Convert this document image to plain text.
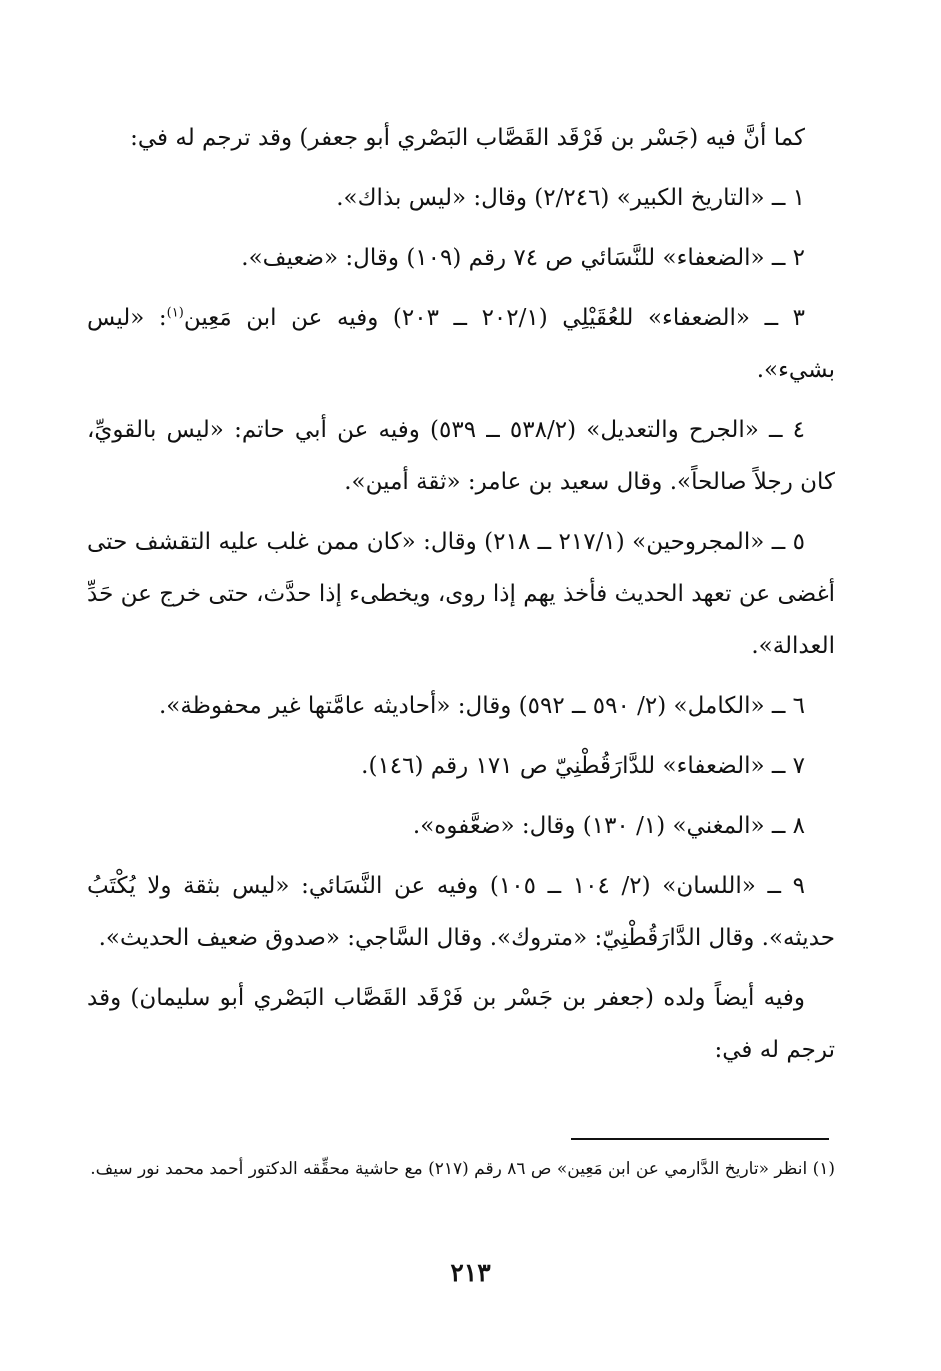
كما أنَّ فيه (جَسْر بن فَرْقَد القَصَّاب البَصْري أبو جعفر) وقد ترجم له في:

١ ــ «التاريخ الكبير» (٢/٢٤٦) وقال: «ليس بذاك».

٢ ــ «الضعفاء» للنَّسَائي ص ٧٤ رقم (١٠٩) وقال: «ضعيف».

٣ ــ «الضعفاء» للعُقَيْلِي (٢٠٢/١ ــ ٢٠٣) وفيه عن ابن مَعِين$^{(١)}$: «ليس بشيء».

٤ ــ «الجرح والتعديل» (٥٣٨/٢ ــ ٥٣٩) وفيه عن أبي حاتم: «ليس بالقويِّ، كان رجلاً صالحاً». وقال سعيد بن عامر: «ثقة أمين».

٥ ــ «المجروحين» (٢١٧/١ ــ ٢١٨) وقال: «كان ممن غلب عليه التقشف حتى أغضى عن تعهد الحديث فأخذ يهم إذا روى، ويخطىء إذا حدَّث، حتى خرج عن حَدِّ العدالة».

٦ ــ «الكامل» (٢/ ٥٩٠ ــ ٥٩٢) وقال: «أحاديثه عامَّتها غير محفوظة».

٧ ــ «الضعفاء» للدَّارَقُطْنِيّ ص ١٧١ رقم (١٤٦).

٨ ــ «المغني» (١/ ١٣٠) وقال: «ضعَّفوه».

٩ ــ «اللسان» (٢/ ١٠٤ ــ ١٠٥) وفيه عن النَّسَائي: «ليس بثقة ولا يُكْتَبُ حديثه». وقال الدَّارَقُطْنِيّ: «متروك». وقال السَّاجي: «صدوق ضعيف الحديث».

وفيه أيضاً ولده (جعفر بن جَسْر بن فَرْقَد القَصَّاب البَصْري أبو سليمان) وقد ترجم له في:

(١) انظر «تاريخ الدَّارمي عن ابن مَعِين» ص ٨٦ رقم (٢١٧) مع حاشية محقِّقه الدكتور أحمد محمد نور سيف.

٢١٣
